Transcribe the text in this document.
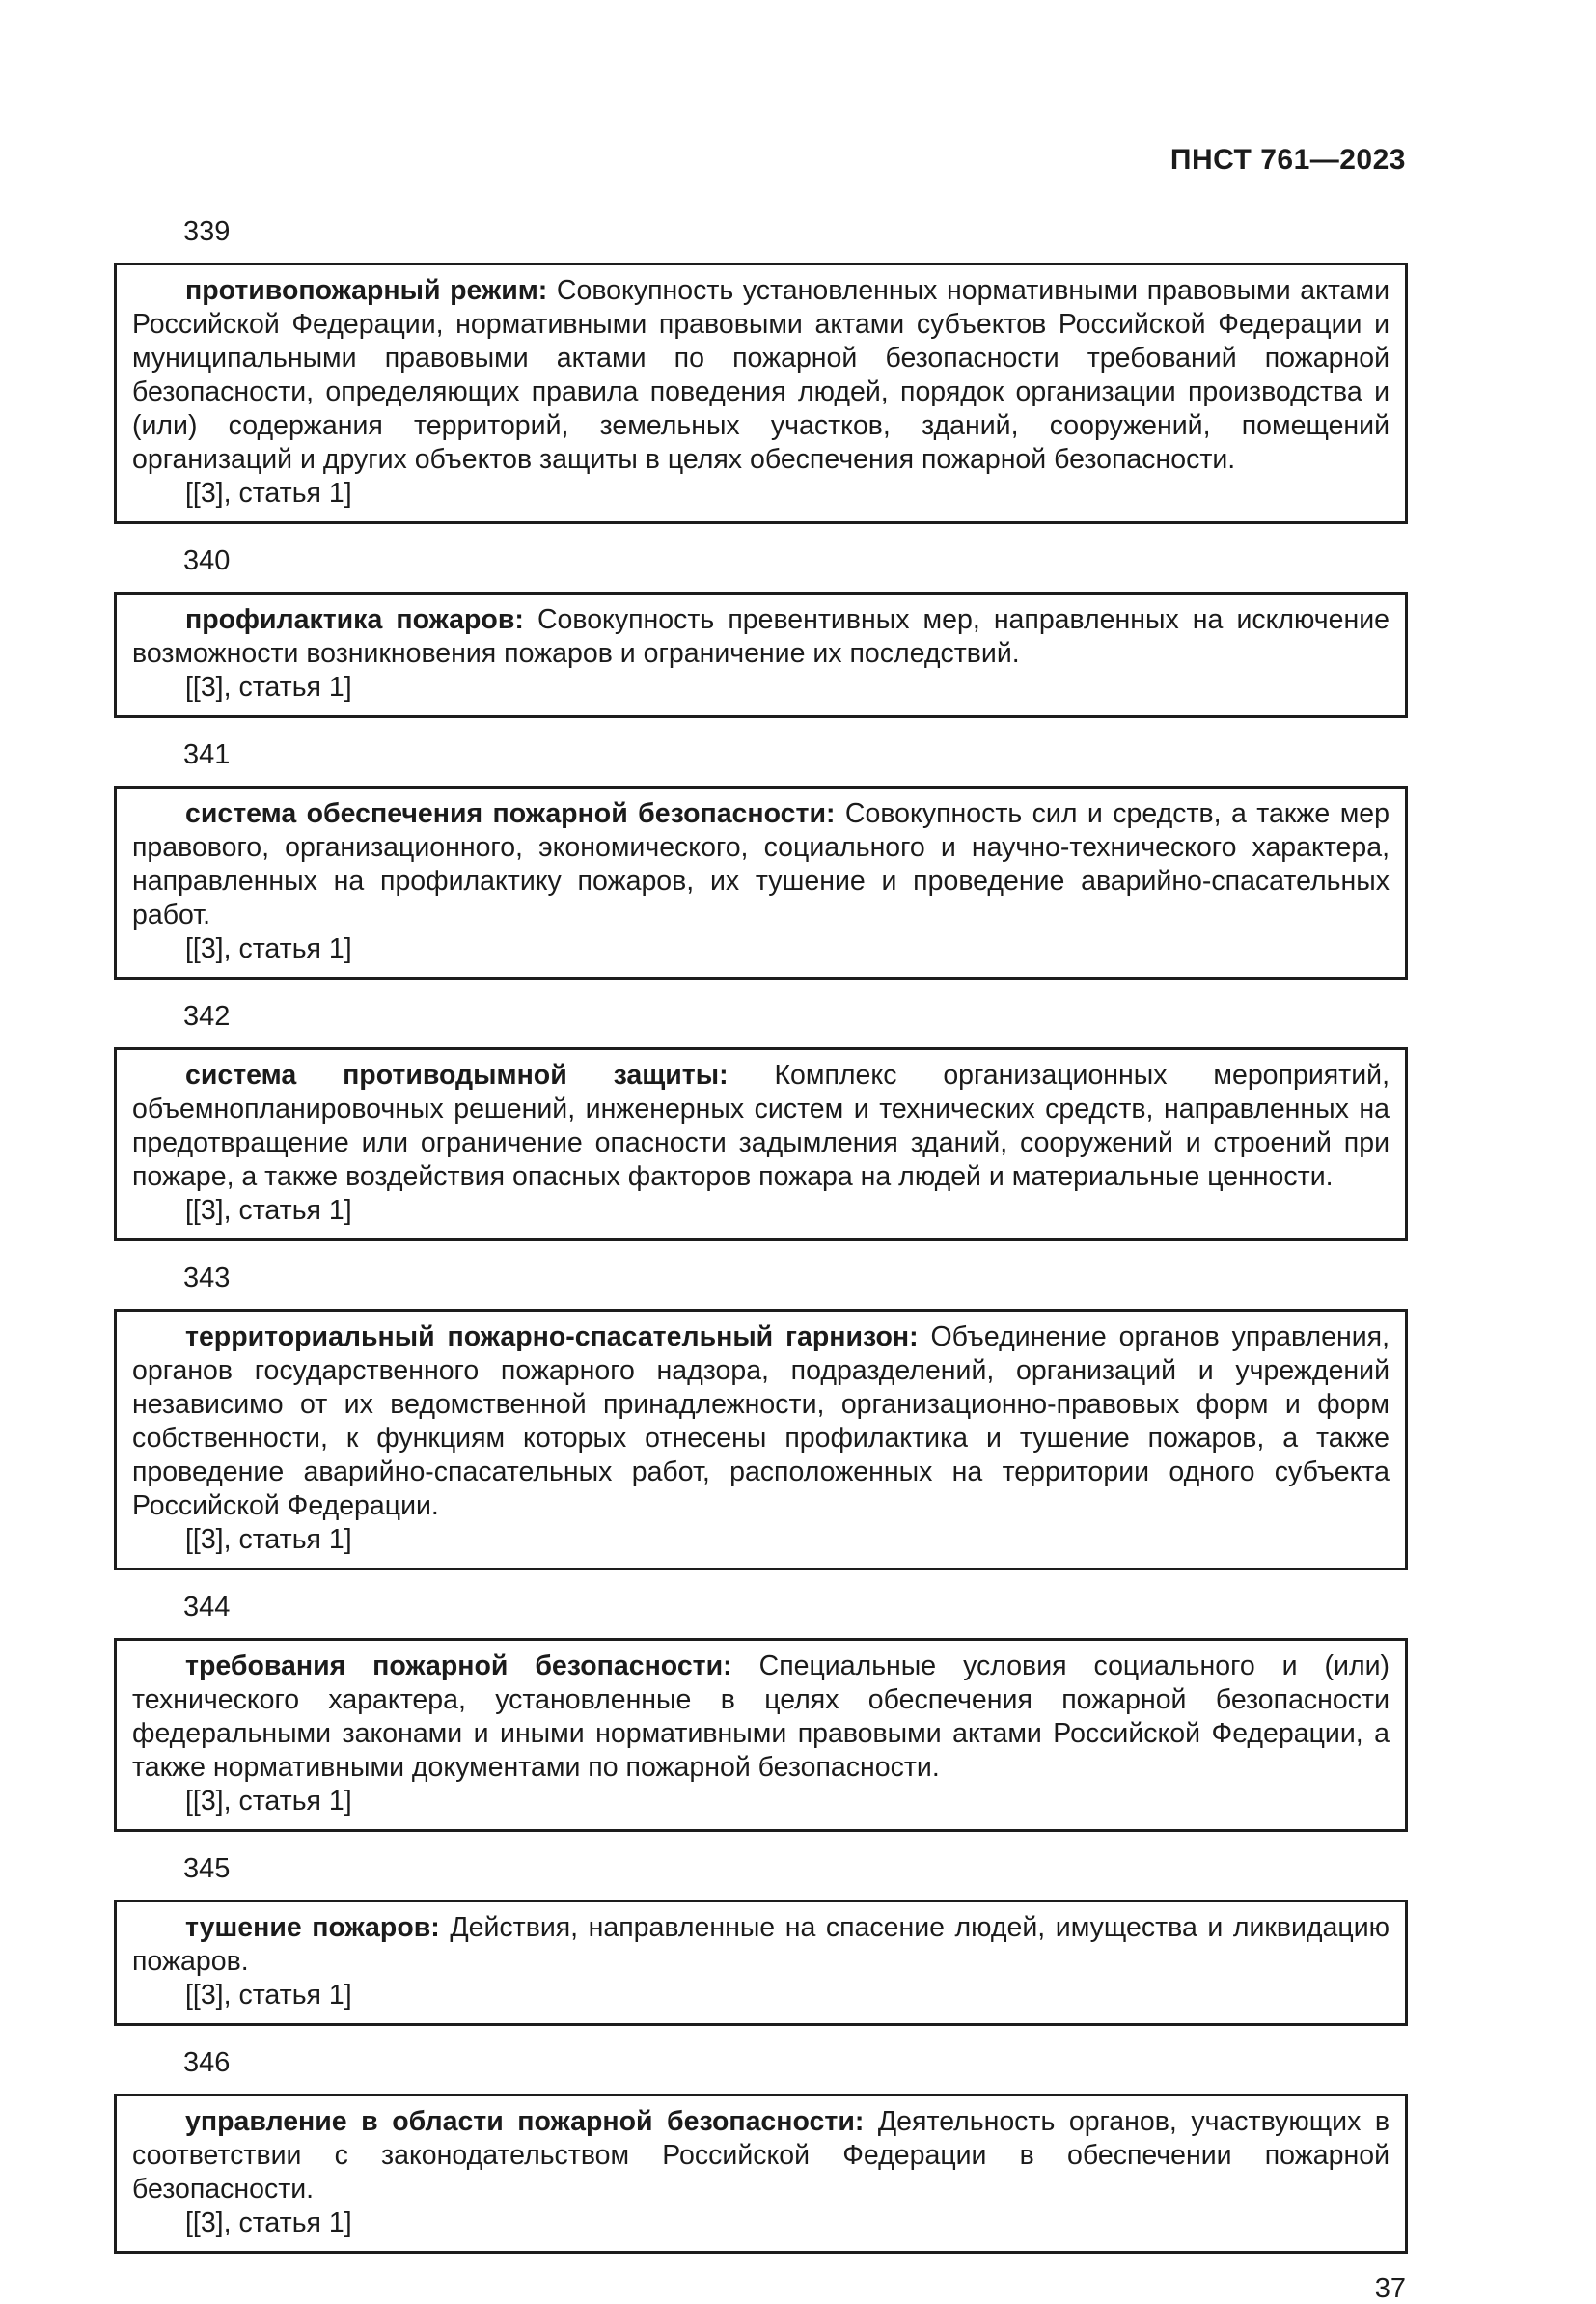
ПНСТ 761—2023
339

противопожарный режим: Совокупность установленных нормативными правовыми актами Российской Федерации, нормативными правовыми актами субъектов Российской Федерации и муниципальными правовыми актами по пожарной безопасности требований пожарной безопасности, определяющих правила поведения людей, порядок организации производства и (или) содержания территорий, земельных участков, зданий, сооружений, помещений организаций и других объектов защиты в целях обеспечения пожарной безопасности.

[[3], статья 1]

340

профилактика пожаров: Совокупность превентивных мер, направленных на исключение возможности возникновения пожаров и ограничение их последствий.

[[3], статья 1]

341

система обеспечения пожарной безопасности: Совокупность сил и средств, а также мер правового, организационного, экономического, социального и научно-технического характера, направленных на профилактику пожаров, их тушение и проведение аварийно-спасательных работ.

[[3], статья 1]

342

система противодымной защиты: Комплекс организационных мероприятий, объемнопланировочных решений, инженерных систем и технических средств, направленных на предотвращение или ограничение опасности задымления зданий, сооружений и строений при пожаре, а также воздействия опасных факторов пожара на людей и материальные ценности.

[[3], статья 1]

343

территориальный пожарно-спасательный гарнизон: Объединение органов управления, органов государственного пожарного надзора, подразделений, организаций и учреждений независимо от их ведомственной принадлежности, организационно-правовых форм и форм собственности, к функциям которых отнесены профилактика и тушение пожаров, а также проведение аварийно-спасательных работ, расположенных на территории одного субъекта Российской Федерации.

[[3], статья 1]

344

требования пожарной безопасности: Специальные условия социального и (или) технического характера, установленные в целях обеспечения пожарной безопасности федеральными законами и иными нормативными правовыми актами Российской Федерации, а также нормативными документами по пожарной безопасности.

[[3], статья 1]

345

тушение пожаров: Действия, направленные на спасение людей, имущества и ликвидацию пожаров.

[[3], статья 1]

346

управление в области пожарной безопасности: Деятельность органов, участвующих в соответствии с законодательством Российской Федерации в обеспечении пожарной безопасности.

[[3], статья 1]

37
